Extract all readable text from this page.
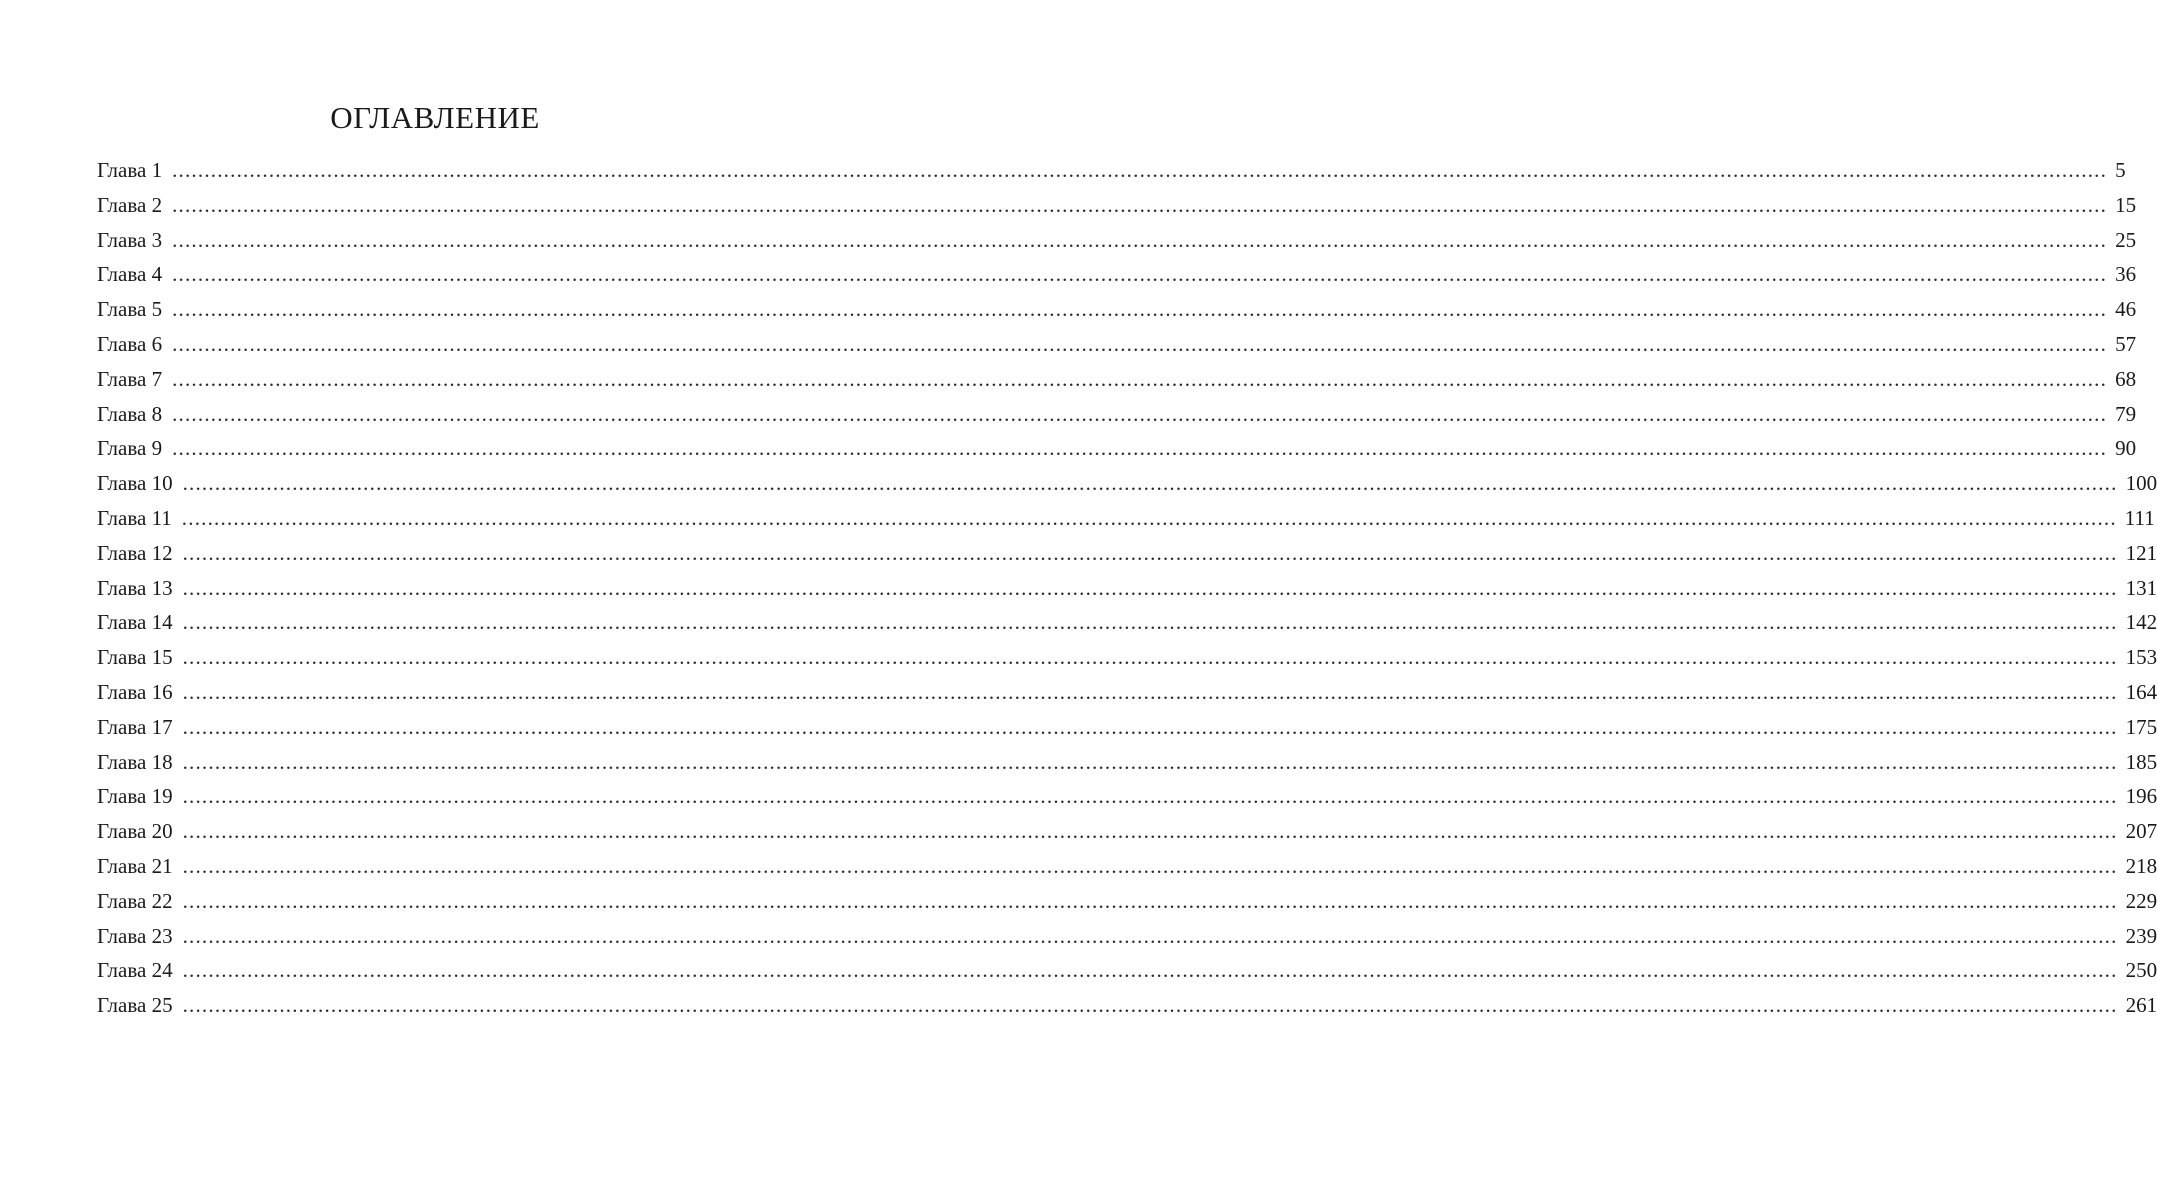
ОГЛАВЛЕНИЕ
Глава 1 ............................................................................................................................................................................................................................................................................................................ 5
Глава 2 ............................................................................................................................................................................................................................................................................................................ 15
Глава 3 ............................................................................................................................................................................................................................................................................................................ 25
Глава 4 ............................................................................................................................................................................................................................................................................................................ 36
Глава 5 ............................................................................................................................................................................................................................................................................................................ 46
Глава 6 ............................................................................................................................................................................................................................................................................................................ 57
Глава 7 ............................................................................................................................................................................................................................................................................................................ 68
Глава 8 ............................................................................................................................................................................................................................................................................................................ 79
Глава 9 ............................................................................................................................................................................................................................................................................................................ 90
Глава 10 ............................................................................................................................................................................................................................................................................................................ 100
Глава 11 ............................................................................................................................................................................................................................................................................................................ 111
Глава 12 ............................................................................................................................................................................................................................................................................................................ 121
Глава 13 ............................................................................................................................................................................................................................................................................................................ 131
Глава 14 ............................................................................................................................................................................................................................................................................................................ 142
Глава 15 ............................................................................................................................................................................................................................................................................................................ 153
Глава 16 ............................................................................................................................................................................................................................................................................................................ 164
Глава 17 ............................................................................................................................................................................................................................................................................................................ 175
Глава 18 ............................................................................................................................................................................................................................................................................................................ 185
Глава 19 ............................................................................................................................................................................................................................................................................................................ 196
Глава 20 ............................................................................................................................................................................................................................................................................................................ 207
Глава 21 ............................................................................................................................................................................................................................................................................................................ 218
Глава 22 ............................................................................................................................................................................................................................................................................................................ 229
Глава 23 ............................................................................................................................................................................................................................................................................................................ 239
Глава 24 ............................................................................................................................................................................................................................................................................................................ 250
Глава 25 ............................................................................................................................................................................................................................................................................................................ 261
